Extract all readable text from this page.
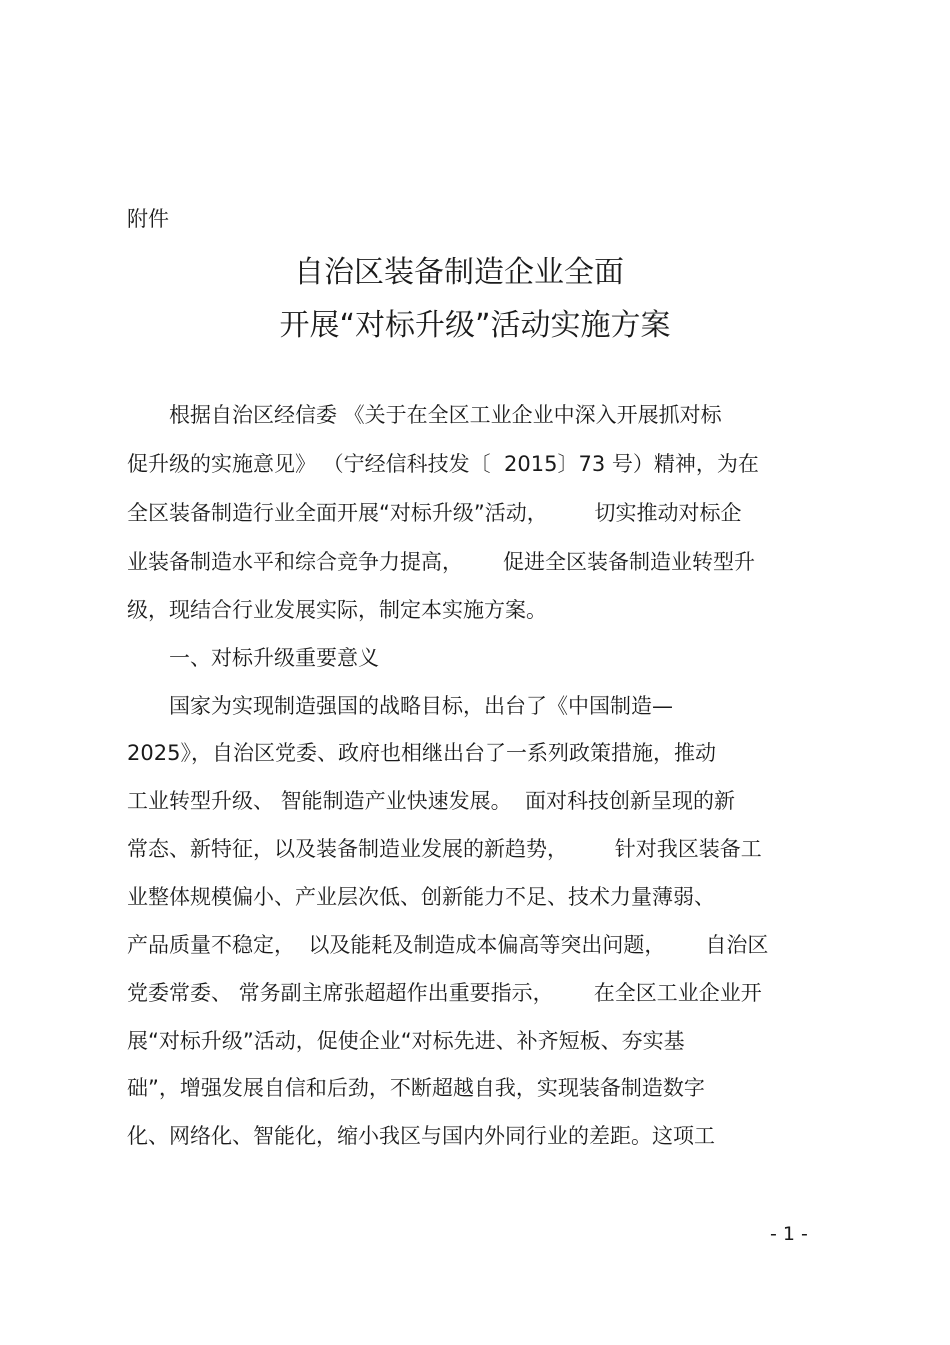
附件
自治区装备制造企业全面
开展“对标升级”活动实施方案
　　根据自治区经信委 《关于在全区工业企业中深入开展抓对标
促升级的实施意见》 （宁经信科技发〔  2015〕73 号）精神，为在
全区装备制造行业全面开展“对标升级”活动，       切实推动对标企
业装备制造水平和综合竞争力提高，      促进全区装备制造业转型升
级，现结合行业发展实际，制定本实施方案。
　　一、对标升级重要意义
　　国家为实现制造强国的战略目标，出台了《中国制造—
2025》，自治区党委、政府也相继出台了一系列政策措施，推动
工业转型升级、 智能制造产业快速发展。  面对科技创新呈现的新
常态、新特征，以及装备制造业发展的新趋势，       针对我区装备工
业整体规模偏小、产业层次低、创新能力不足、技术力量薄弱、
产品质量不稳定，  以及能耗及制造成本偏高等突出问题，      自治区
党委常委、 常务副主席张超超作出重要指示，      在全区工业企业开
展“对标升级”活动，促使企业“对标先进、补齐短板、夯实基
础”，增强发展自信和后劲，不断超越自我，实现装备制造数字
化、网络化、智能化，缩小我区与国内外同行业的差距。这项工
- 1 -
